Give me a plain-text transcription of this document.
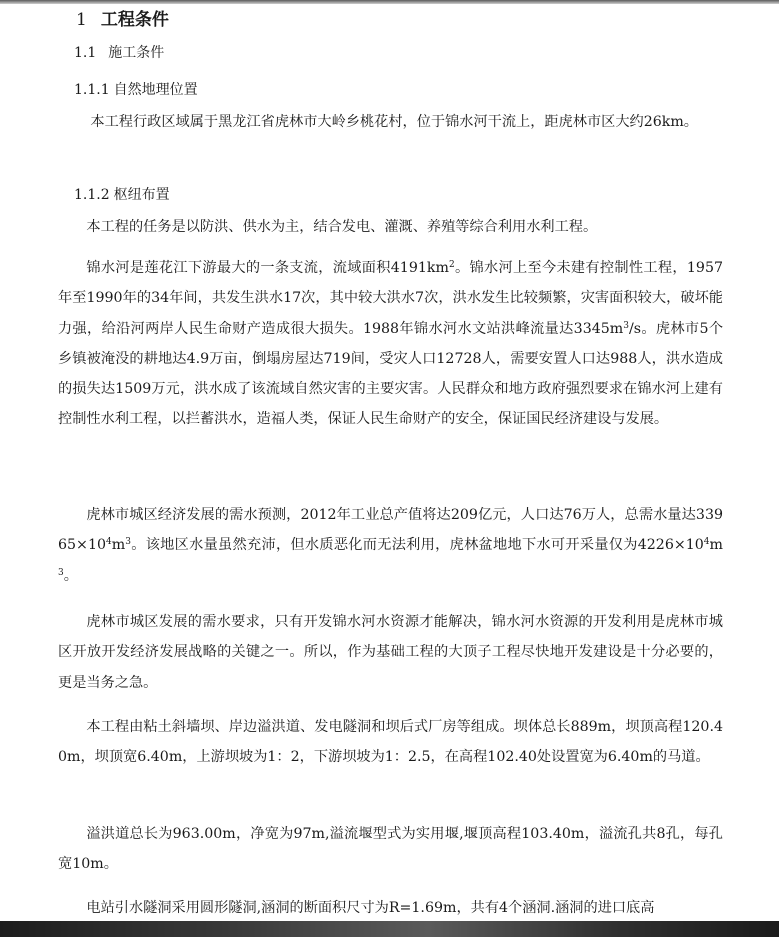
1 工程条件
1.1 施工条件
1.1.1 自然地理位置
本工程行政区域属于黑龙江省虎林市大岭乡桃花村，位于锦水河干流上，距虎林市区大约26km。
1.1.2 枢纽布置
本工程的任务是以防洪、供水为主，结合发电、灌溉、养殖等综合利用水利工程。
锦水河是莲花江下游最大的一条支流，流域面积$4191km^2$。锦水河上至今未建有控制性工程，1957年至1990年的34年间，共发生洪水17次，其中较大洪水7次，洪水发生比较频繁，灾害面积较大，破坏能力强，给沿河两岸人民生命财产造成很大损失。1988年锦水河水文站洪峰流量达$3345m^3/s$。虎林市5个乡镇被淹没的耕地达4.9万亩，倒塌房屋达719间，受灾人口12728人，需要安置人口达988人，洪水造成的损失达1509万元，洪水成了该流域自然灾害的主要灾害。人民群众和地方政府强烈要求在锦水河上建有控制性水利工程，以拦蓄洪水，造福人类，保证人民生命财产的安全，保证国民经济建设与发展。
虎林市城区经济发展的需水预测，2012年工业总产值将达209亿元，人口达76万人，总需水量达$33965\times 10^4m^3$。该地区水量虽然充沛，但水质恶化而无法利用，虎林盆地地下水可开采量仅为$4226\times 10^4m^3$。
虎林市城区发展的需水要求，只有开发锦水河水资源才能解决，锦水河水资源的开发利用是虎林市城区开放开发经济发展战略的关键之一。所以，作为基础工程的大顶子工程尽快地开发建设是十分必要的，更是当务之急。
本工程由粘土斜墙坝、岸边溢洪道、发电隧洞和坝后式厂房等组成。坝体总长889m，坝顶高程120.40m，坝顶宽6.40m，上游坝坡为1：2，下游坝坡为1：2.5，在高程102.40处设置宽为6.40m的马道。
溢洪道总长为963.00m，净宽为97m,溢流堰型式为实用堰,堰顶高程103.40m，溢流孔共8孔，每孔宽10m。
电站引水隧洞采用圆形隧洞,涵洞的断面积尺寸为R=1.69m，共有4个涵洞.涵洞的进口底高
